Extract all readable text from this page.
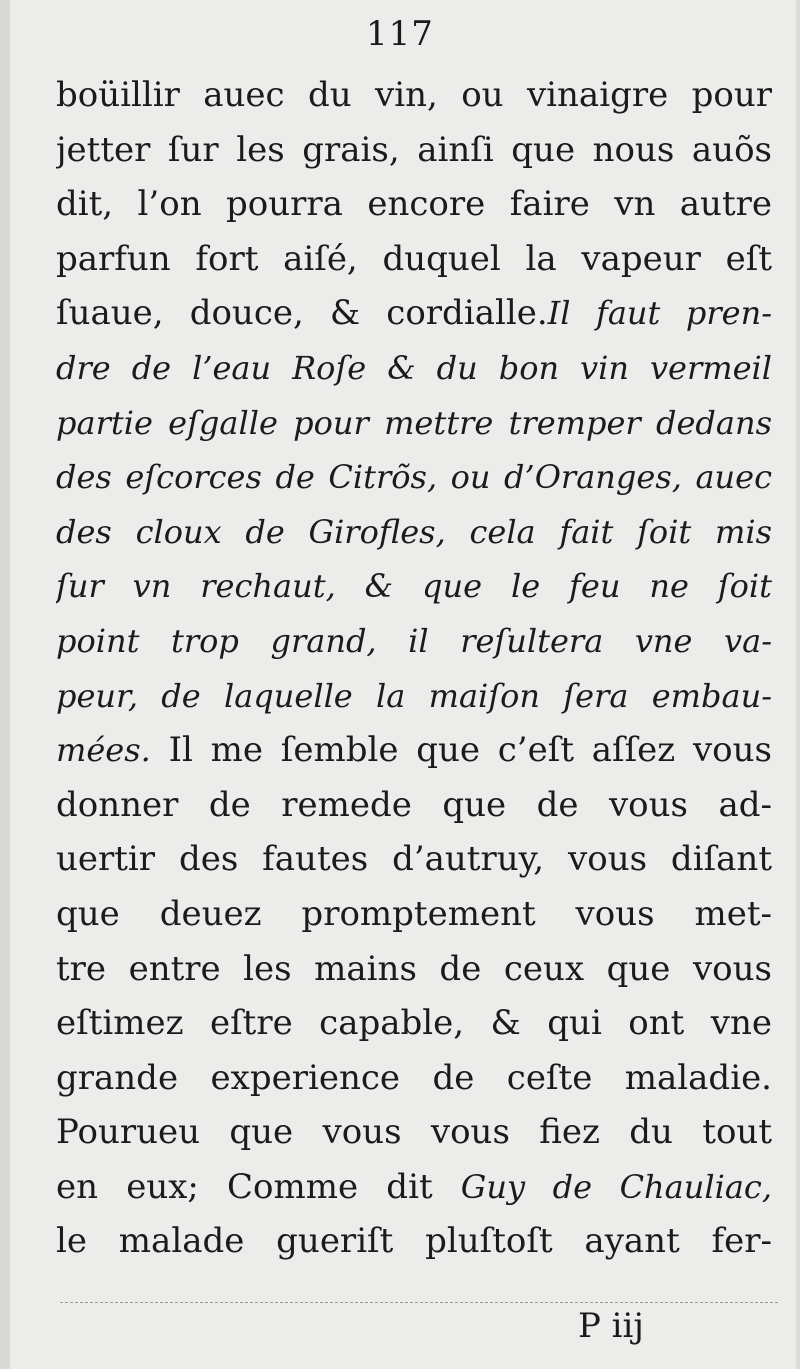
117
boüillir auec du vin, ou vinaigre pour
jetter ſur les grais, ainſi que nous auõs
dit, l’on pourra encore faire vn autre
parfun fort aiſé, duquel la vapeur eſt
ſuaue, douce, & cordialle.Il faut pren-
dre de l’eau Roſe & du bon vin vermeil
partie eſgalle pour mettre tremper dedans
des eſcorces de Citrõs, ou d’Oranges, auec
des cloux de Girofles, cela fait ſoit mis
ſur vn rechaut, & que le feu ne ſoit
point trop grand, il reſultera vne va-
peur, de laquelle la maiſon ſera embau-
mées. Il me ſemble que c’eſt aſſez vous
donner de remede que de vous ad-
uertir des fautes d’autruy, vous diſant
que deuez promptement vous met-
tre entre les mains de ceux que vous
eſtimez eſtre capable, & qui ont vne
grande experience de ceſte maladie.
Pourueu que vous vous fiez du tout
en eux; Comme dit Guy de Chauliac,
le malade gueriſt pluſtoſt ayant fer-
P iij
